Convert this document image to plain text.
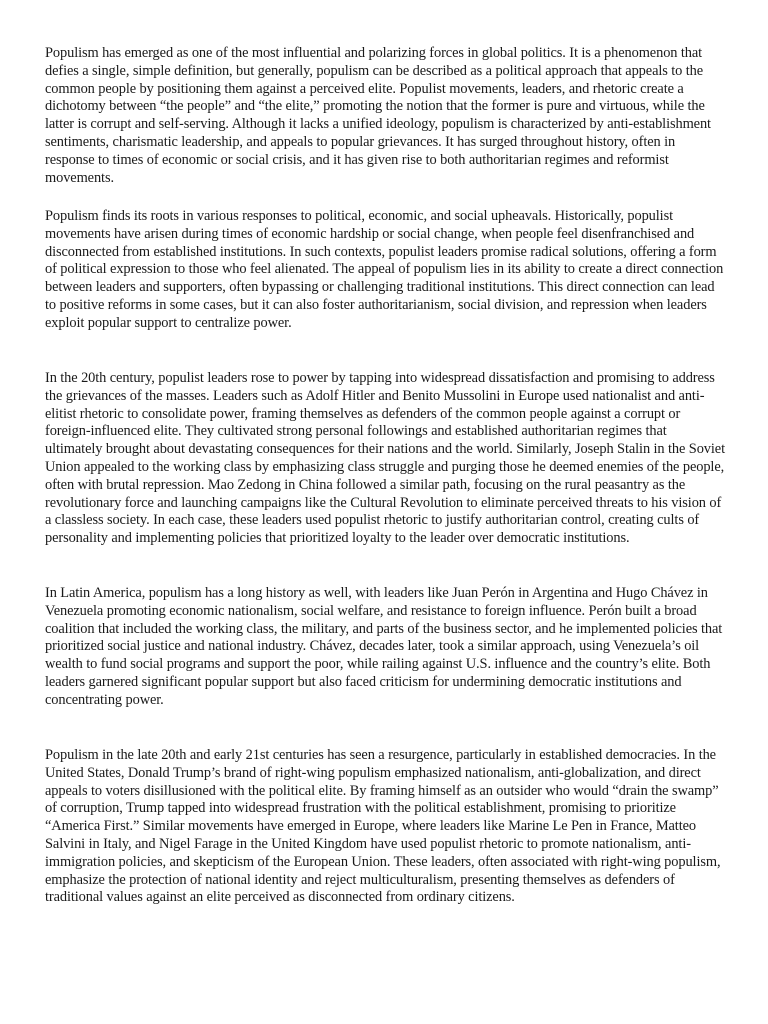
Populism has emerged as one of the most influential and polarizing forces in global politics. It is a phenomenon that defies a single, simple definition, but generally, populism can be described as a political approach that appeals to the common people by positioning them against a perceived elite. Populist movements, leaders, and rhetoric create a dichotomy between “the people” and “the elite,” promoting the notion that the former is pure and virtuous, while the latter is corrupt and self-serving. Although it lacks a unified ideology, populism is characterized by anti-establishment sentiments, charismatic leadership, and appeals to popular grievances. It has surged throughout history, often in response to times of economic or social crisis, and it has given rise to both authoritarian regimes and reformist movements.

Populism finds its roots in various responses to political, economic, and social upheavals. Historically, populist movements have arisen during times of economic hardship or social change, when people feel disenfranchised and disconnected from established institutions. In such contexts, populist leaders promise radical solutions, offering a form of political expression to those who feel alienated. The appeal of populism lies in its ability to create a direct connection between leaders and supporters, often bypassing or challenging traditional institutions. This direct connection can lead to positive reforms in some cases, but it can also foster authoritarianism, social division, and repression when leaders exploit popular support to centralize power.

In the 20th century, populist leaders rose to power by tapping into widespread dissatisfaction and promising to address the grievances of the masses. Leaders such as Adolf Hitler and Benito Mussolini in Europe used nationalist and anti-elitist rhetoric to consolidate power, framing themselves as defenders of the common people against a corrupt or foreign-influenced elite. They cultivated strong personal followings and established authoritarian regimes that ultimately brought about devastating consequences for their nations and the world. Similarly, Joseph Stalin in the Soviet Union appealed to the working class by emphasizing class struggle and purging those he deemed enemies of the people, often with brutal repression. Mao Zedong in China followed a similar path, focusing on the rural peasantry as the revolutionary force and launching campaigns like the Cultural Revolution to eliminate perceived threats to his vision of a classless society. In each case, these leaders used populist rhetoric to justify authoritarian control, creating cults of personality and implementing policies that prioritized loyalty to the leader over democratic institutions.

In Latin America, populism has a long history as well, with leaders like Juan Perón in Argentina and Hugo Chávez in Venezuela promoting economic nationalism, social welfare, and resistance to foreign influence. Perón built a broad coalition that included the working class, the military, and parts of the business sector, and he implemented policies that prioritized social justice and national industry. Chávez, decades later, took a similar approach, using Venezuela’s oil wealth to fund social programs and support the poor, while railing against U.S. influence and the country’s elite. Both leaders garnered significant popular support but also faced criticism for undermining democratic institutions and concentrating power.

Populism in the late 20th and early 21st centuries has seen a resurgence, particularly in established democracies. In the United States, Donald Trump’s brand of right-wing populism emphasized nationalism, anti-globalization, and direct appeals to voters disillusioned with the political elite. By framing himself as an outsider who would “drain the swamp” of corruption, Trump tapped into widespread frustration with the political establishment, promising to prioritize “America First.” Similar movements have emerged in Europe, where leaders like Marine Le Pen in France, Matteo Salvini in Italy, and Nigel Farage in the United Kingdom have used populist rhetoric to promote nationalism, anti-immigration policies, and skepticism of the European Union. These leaders, often associated with right-wing populism, emphasize the protection of national identity and reject multiculturalism, presenting themselves as defenders of traditional values against an elite perceived as disconnected from ordinary citizens.
